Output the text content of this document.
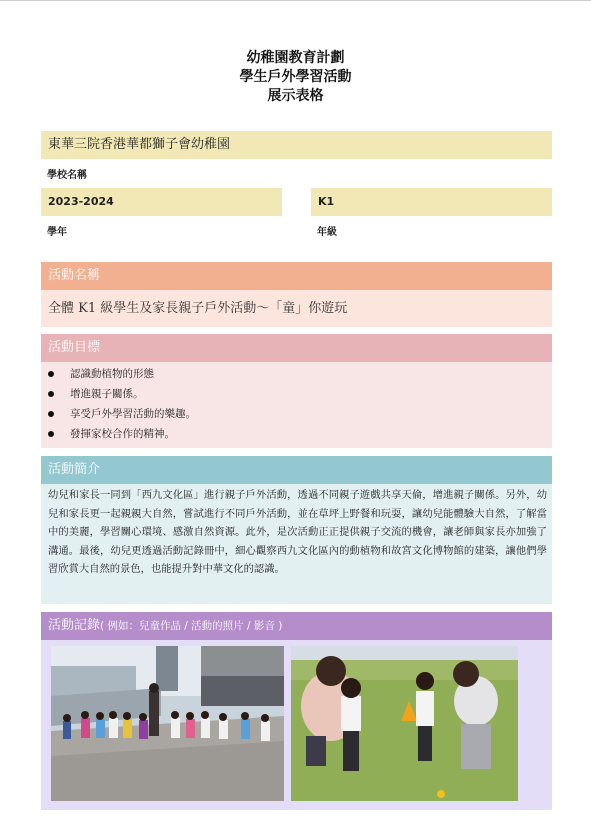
幼稚園教育計劃
學生戶外學習活動
展示表格
東華三院香港華都獅子會幼稚園
學校名稱
2023-2024
學年
K1
年級
活動名稱
全體 K1 級學生及家長親子戶外活動～「童」你遊玩
活動目標
認識動植物的形態
增進親子關係。
享受戶外學習活動的樂趣。
發揮家校合作的精神。
活動簡介
幼兒和家長一同到「西九文化區」進行親子戶外活動，透過不同親子遊戲共享天倫，增進親子關係。另外，幼兒和家長更一起親親大自然，嘗試進行不同戶外活動，並在草坪上野餐和玩耍，讓幼兒能體驗大自然，了解當中的美麗，學習關心環境、感激自然資源。此外，是次活動正正提供親子交流的機會，讓老師與家長亦加強了溝通。最後，幼兒更透過活動記錄冊中，細心觀察西九文化區內的動植物和故宮文化博物館的建築，讓他們學習欣賞大自然的景色，也能提升對中華文化的認識。
活動記錄( 例如：兒童作品 / 活動的照片 / 影音 )
